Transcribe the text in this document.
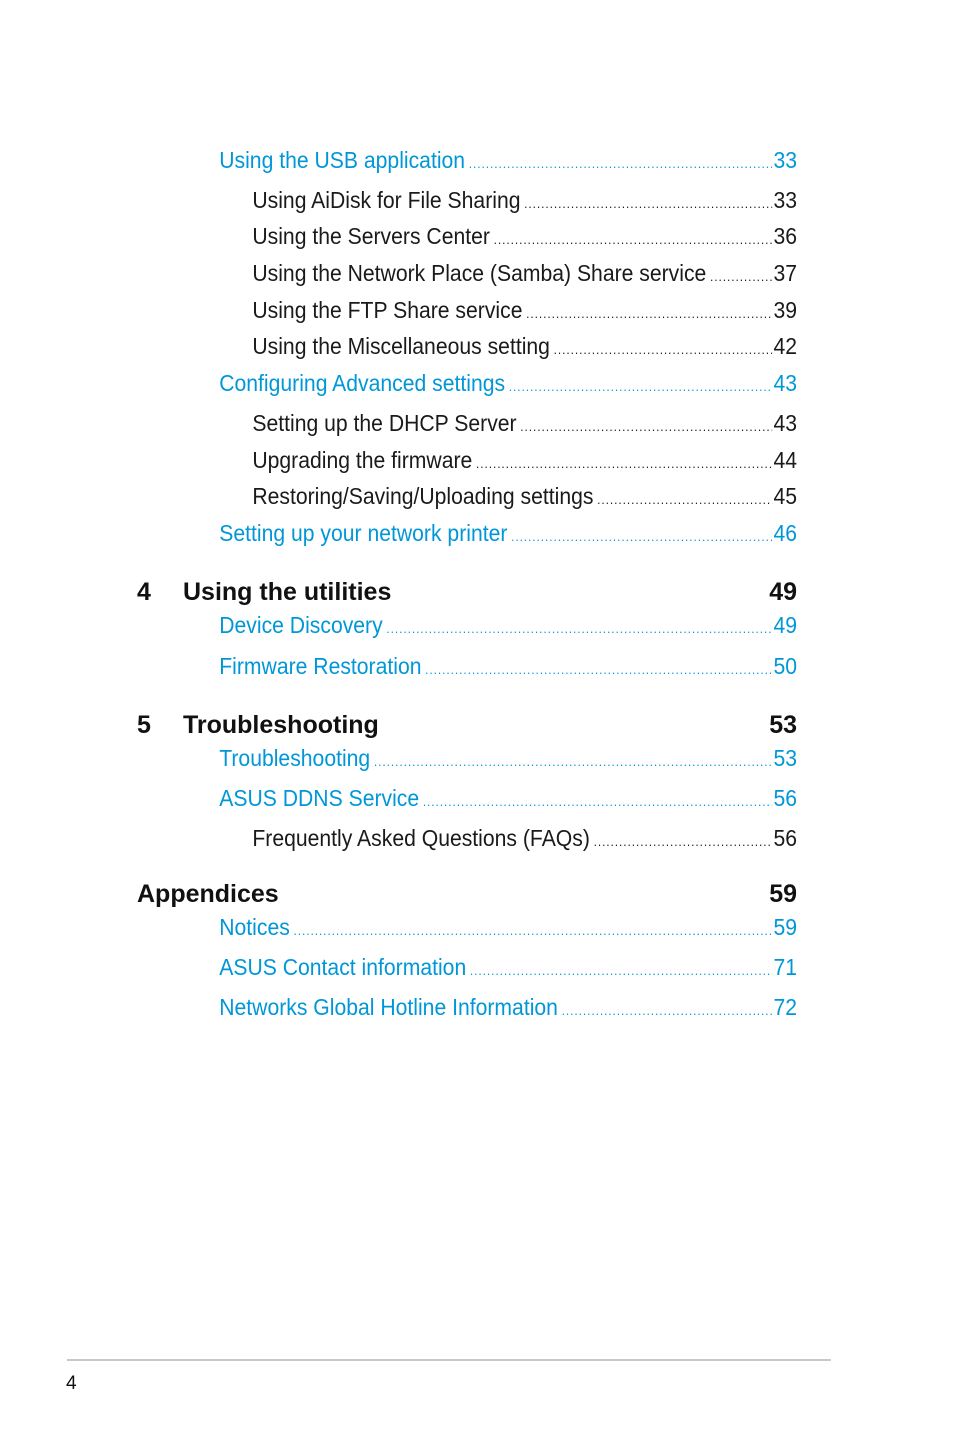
Using the USB application .....	33
Using AiDisk for File Sharing .....	33
Using the Servers Center .....	36
Using the Network Place (Samba) Share service .....	37
Using the FTP Share service .....	39
Using the Miscellaneous setting .....	42
Configuring Advanced settings .....	43
Setting up the DHCP Server .....	43
Upgrading the firmware .....	44
Restoring/Saving/Uploading settings .....	45
Setting up your network printer .....	46
4	Using the utilities	49
Device Discovery .....	49
Firmware Restoration .....	50
5	Troubleshooting	53
Troubleshooting .....	53
ASUS DDNS Service .....	56
Frequently Asked Questions (FAQs) .....	56
Appendices	59
Notices .....	59
ASUS Contact information .....	71
Networks Global Hotline Information .....	72
4
